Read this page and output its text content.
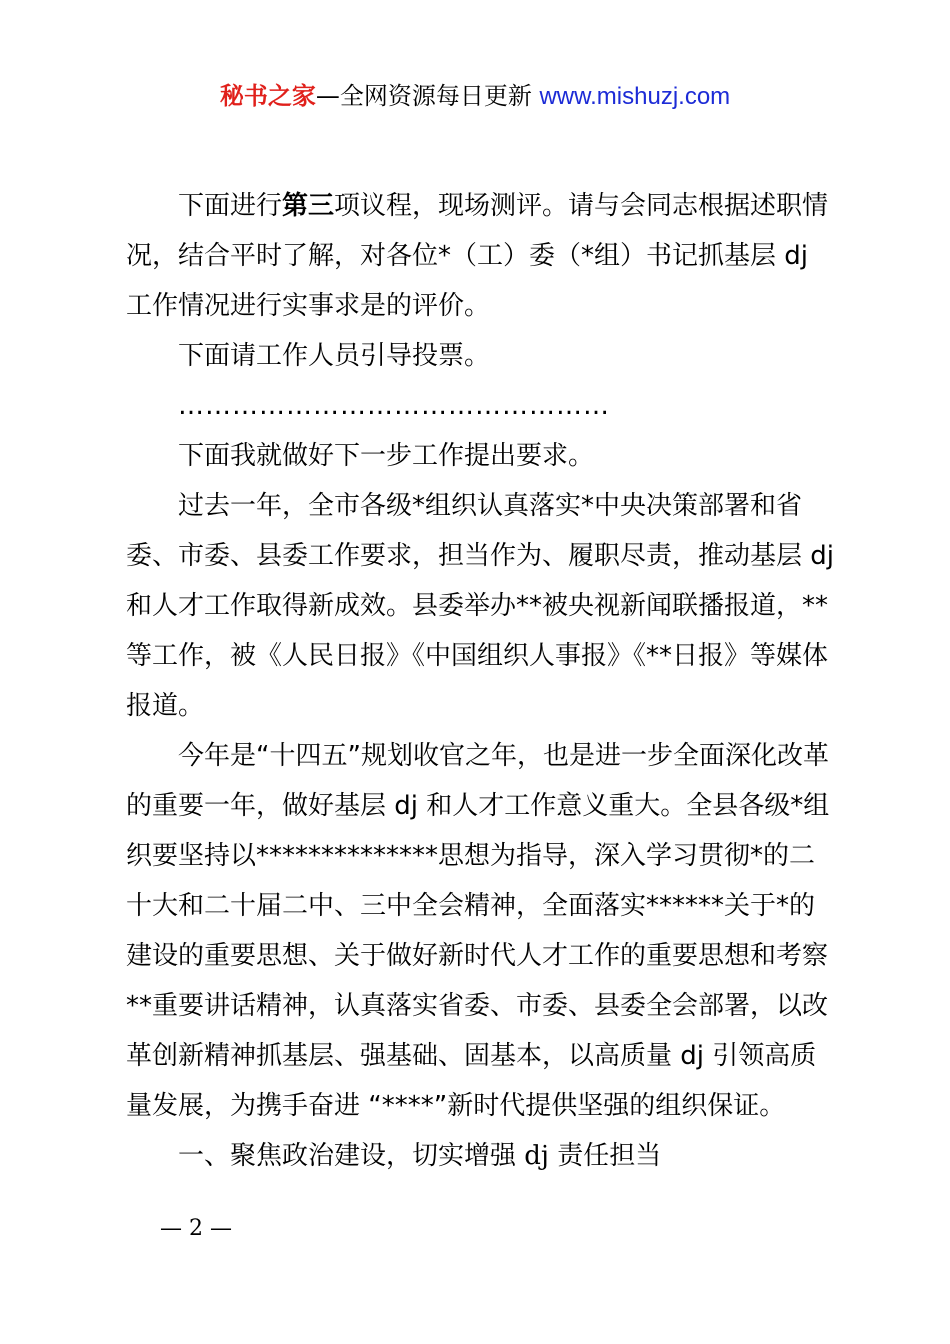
秘书之家—全网资源每日更新 www.mishuzj.com

下面进行第三项议程，现场测评。请与会同志根据述职情况，结合平时了解，对各位*（工）委（*组）书记抓基层 dj 工作情况进行实事求是的评价。

下面请工作人员引导投票。

…………………………………………

下面我就做好下一步工作提出要求。

过去一年，全市各级*组织认真落实*中央决策部署和省委、市委、县委工作要求，担当作为、履职尽责，推动基层 dj 和人才工作取得新成效。县委举办**被央视新闻联播报道，**等工作，被《人民日报》《中国组织人事报》《**日报》等媒体报道。

今年是“十四五”规划收官之年，也是进一步全面深化改革的重要一年，做好基层 dj 和人才工作意义重大。全县各级*组织要坚持以**************思想为指导，深入学习贯彻*的二十大和二十届二中、三中全会精神，全面落实******关于*的建设的重要思想、关于做好新时代人才工作的重要思想和考察**重要讲话精神，认真落实省委、市委、县委全会部署，以改革创新精神抓基层、强基础、固基本，以高质量 dj 引领高质量发展，为携手奋进 “****”新时代提供坚强的组织保证。

一、聚焦政治建设，切实增强 dj 责任担当

— 2 —
